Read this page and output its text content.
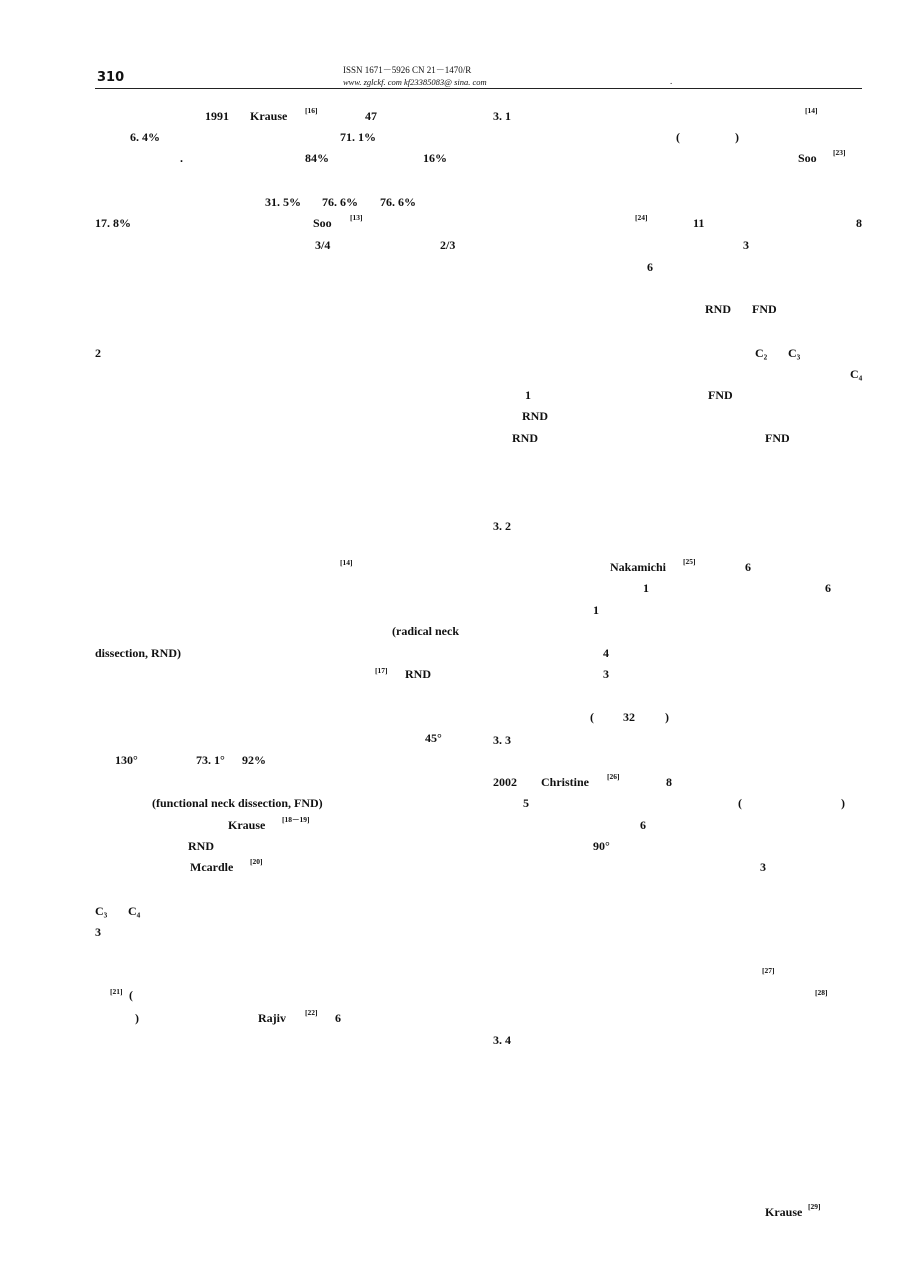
310	ISSN 1671－5926 CN 21－1470/R
www. zglckf. com kf23385083@ sina. com	.
1991 Krause [16]	47
6. 4%	71. 1%
.	84%	16%
31. 5% 76. 6% 76. 6%
17. 8%	Soo [13]
3/4	2/3
2
[14]
(radical neck
dissection, RND)
[17] RND
45°
130°	73. 1° 92%
(functional neck dissection, FND)
Krause [18－19]
RND
Mcardle [20]
C₃ C₄
3
[21] (
)	Rajiv	[22] 6
3. 1	[14]
(	)
Soo [23]
[24]	11	8
3
6
RND FND
C₂ C₃
C₄
1	FND
RND
RND	FND
3. 2
Nakamichi [25]	6
1	6
1
4
3
( 32	)
3. 3
2002 Christine [26]	8
5	(	)
6
90°
3
[27]
[28]
3. 4
Krause [29]
